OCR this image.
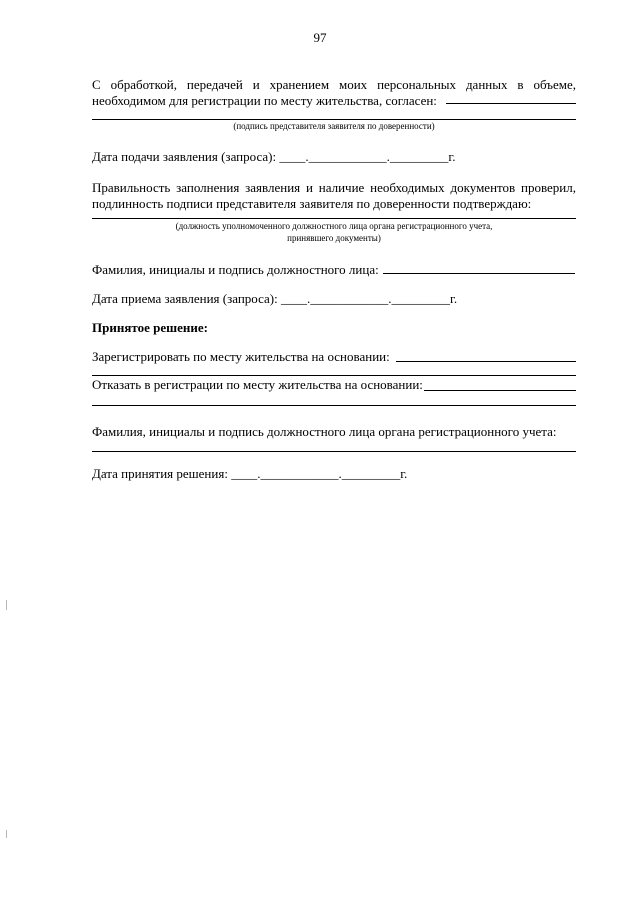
97
С обработкой, передачей и хранением моих персональных данных в объеме,
необходимом для регистрации по месту жительства, согласен:
(подпись представителя заявителя по доверенности)
Дата подачи заявления (запроса): ____.____________._________г.
Правильность заполнения заявления и наличие необходимых документов проверил,
подлинность подписи представителя заявителя по доверенности подтверждаю:
(должность уполномоченного должностного лица органа регистрационного учета,
принявшего документы)
Фамилия, инициалы и подпись должностного лица:
Дата приема заявления (запроса): ____.____________._________г.
Принятое решение:
Зарегистрировать по месту жительства на основании:
Отказать в регистрации по месту жительства на основании:
Фамилия, инициалы и подпись должностного лица органа регистрационного учета:
Дата принятия решения: ____.____________._________г.
